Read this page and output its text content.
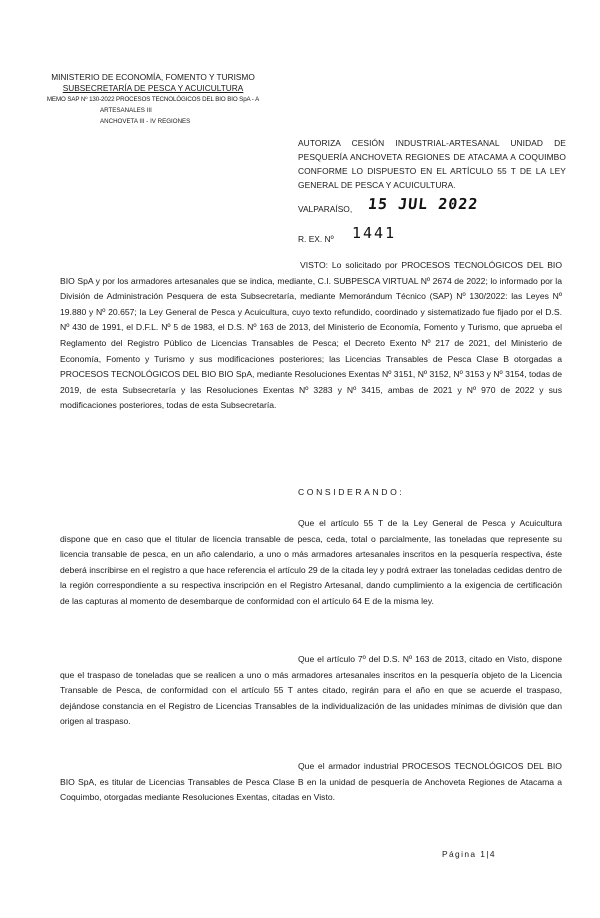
MINISTERIO DE ECONOMÍA, FOMENTO Y TURISMO
SUBSECRETARÍA DE PESCA Y ACUICULTURA
MEMO SAP Nº 130-2022 PROCESOS TECNOLÓGICOS DEL BIO BIO SpA - A
ARTESANALES III
ANCHOVETA III - IV REGIONES
AUTORIZA CESIÓN INDUSTRIAL-ARTESANAL UNIDAD DE PESQUERÍA ANCHOVETA REGIONES DE ATACAMA A COQUIMBO CONFORME LO DISPUESTO EN EL ARTÍCULO 55 T DE LA LEY GENERAL DE PESCA Y ACUICULTURA.
VALPARAÍSO, 15 JUL 2022
R. EX. Nº 1441
VISTO: Lo solicitado por PROCESOS TECNOLÓGICOS DEL BIO BIO SpA y por los armadores artesanales que se indica, mediante, C.I. SUBPESCA VIRTUAL Nº 2674 de 2022; lo informado por la División de Administración Pesquera de esta Subsecretaría, mediante Memorándum Técnico (SAP) Nº 130/2022: las Leyes Nº 19.880 y Nº 20.657; la Ley General de Pesca y Acuicultura, cuyo texto refundido, coordinado y sistematizado fue fijado por el D.S. Nº 430 de 1991, el D.F.L. Nº 5 de 1983, el D.S. Nº 163 de 2013, del Ministerio de Economía, Fomento y Turismo, que aprueba el Reglamento del Registro Público de Licencias Transables de Pesca; el Decreto Exento Nº 217 de 2021, del Ministerio de Economía, Fomento y Turismo y sus modificaciones posteriores; las Licencias Transables de Pesca Clase B otorgadas a PROCESOS TECNOLÓGICOS DEL BIO BIO SpA, mediante Resoluciones Exentas Nº 3151, Nº 3152, Nº 3153 y Nº 3154, todas de 2019, de esta Subsecretaría y las Resoluciones Exentas Nº 3283 y Nº 3415, ambas de 2021 y Nº 970 de 2022 y sus modificaciones posteriores, todas de esta Subsecretaría.
CONSIDERANDO:
Que el artículo 55 T de la Ley General de Pesca y Acuicultura dispone que en caso que el titular de licencia transable de pesca, ceda, total o parcialmente, las toneladas que represente su licencia transable de pesca, en un año calendario, a uno o más armadores artesanales inscritos en la pesquería respectiva, éste deberá inscribirse en el registro a que hace referencia el artículo 29 de la citada ley y podrá extraer las toneladas cedidas dentro de la región correspondiente a su respectiva inscripción en el Registro Artesanal, dando cumplimiento a la exigencia de certificación de las capturas al momento de desembarque de conformidad con el artículo 64 E de la misma ley.
Que el artículo 7º del D.S. Nº 163 de 2013, citado en Visto, dispone que el traspaso de toneladas que se realicen a uno o más armadores artesanales inscritos en la pesquería objeto de la Licencia Transable de Pesca, de conformidad con el artículo 55 T antes citado, regirán para el año en que se acuerde el traspaso, dejándose constancia en el Registro de Licencias Transables de la individualización de las unidades mínimas de división que dan origen al traspaso.
Que el armador industrial PROCESOS TECNOLÓGICOS DEL BIO BIO SpA, es titular de Licencias Transables de Pesca Clase B en la unidad de pesquería de Anchoveta Regiones de Atacama a Coquimbo, otorgadas mediante Resoluciones Exentas, citadas en Visto.
Página 1|4
